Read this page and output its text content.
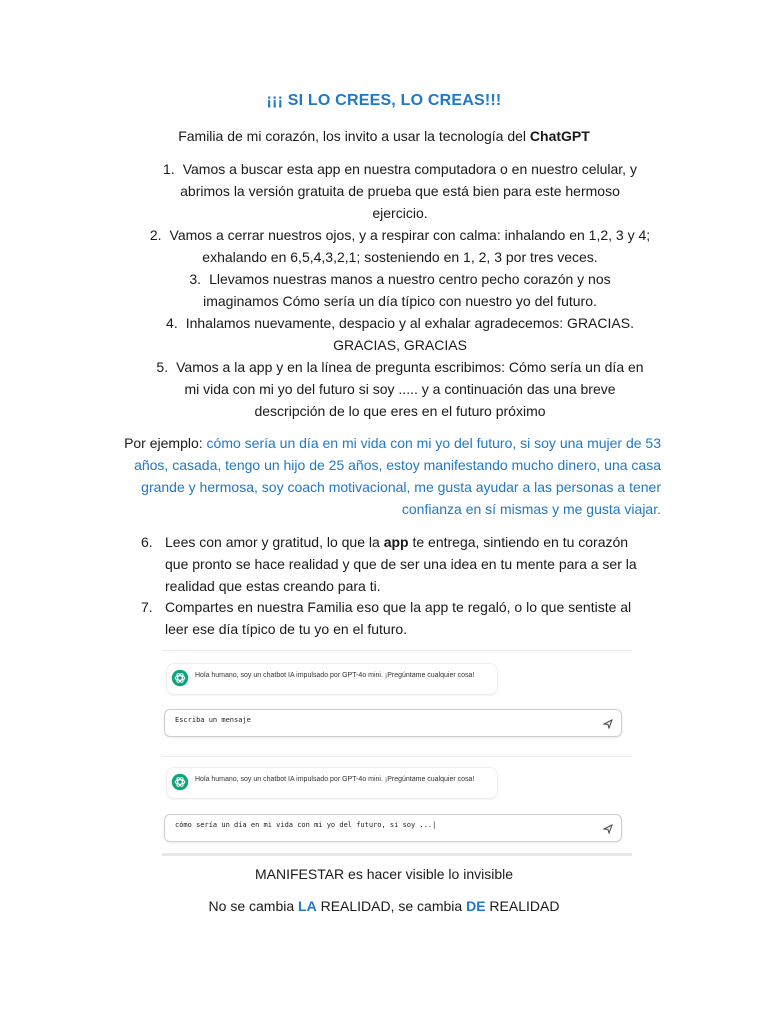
¡¡¡ SI LO CREES, LO CREAS!!!
Familia de mi corazón, los invito a usar la tecnología del ChatGPT
1. Vamos a buscar esta app en nuestra computadora o en nuestro celular, y
abrimos la versión gratuita de prueba que está bien para este hermoso
ejercicio.
2. Vamos a cerrar nuestros ojos, y a respirar con calma: inhalando en 1,2, 3 y 4;
exhalando en 6,5,4,3,2,1; sosteniendo en 1, 2, 3 por tres veces.
3. Llevamos nuestras manos a nuestro centro pecho corazón y nos
imaginamos Cómo sería un día típico con nuestro yo del futuro.
4. Inhalamos nuevamente, despacio y al exhalar agradecemos: GRACIAS.
GRACIAS, GRACIAS
5. Vamos a la app y en la línea de pregunta escribimos: Cómo sería un día en
mi vida con mi yo del futuro si soy ..... y a continuación das una breve
descripción de lo que eres en el futuro próximo
Por ejemplo: cómo sería un día en mi vida con mi yo del futuro, si soy una mujer de 53
años, casada, tengo un hijo de 25 años, estoy manifestando mucho dinero, una casa
grande y hermosa, soy coach motivacional, me gusta ayudar a las personas a tener
confianza en sí mismas y me gusta viajar.
6. Lees con amor y gratitud, lo que la app te entrega, sintiendo en tu corazón
que pronto se hace realidad y que de ser una idea en tu mente para a ser la
realidad que estas creando para ti.
7. Compartes en nuestra Familia eso que la app te regaló, o lo que sentiste al
leer ese día típico de tu yo en el futuro.
Hola humano, soy un chatbot IA impulsado por GPT-4o mini. ¡Pregúntame cualquier cosa!
Escriba un mensaje
Hola humano, soy un chatbot IA impulsado por GPT-4o mini. ¡Pregúntame cualquier cosa!
cómo sería un día en mi vida con mi yo del futuro, si soy ...|
MANIFESTAR es hacer visible lo invisible
No se cambia LA REALIDAD, se cambia DE REALIDAD
